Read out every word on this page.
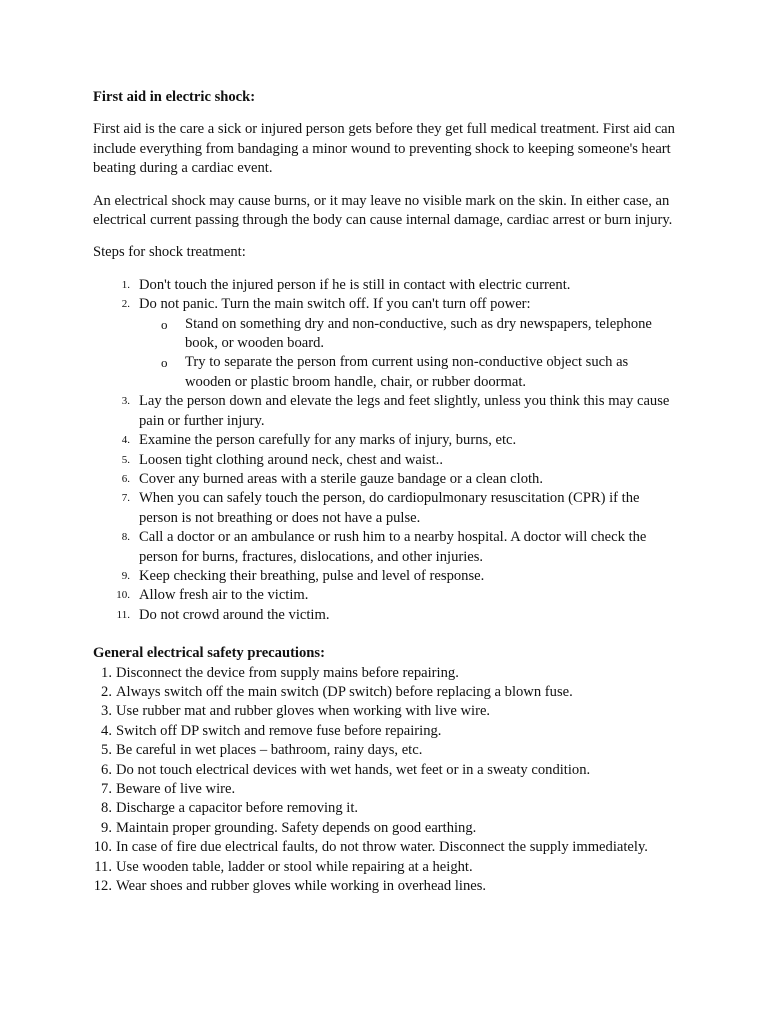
First aid in electric shock:

First aid is the care a sick or injured person gets before they get full medical treatment. First aid can include everything from bandaging a minor wound to preventing shock to keeping someone's heart beating during a cardiac event.

An electrical shock may cause burns, or it may leave no visible mark on the skin. In either case, an electrical current passing through the body can cause internal damage, cardiac arrest or burn injury.

Steps for shock treatment:

1. Don't touch the injured person if he is still in contact with electric current.
2. Do not panic. Turn the main switch off. If you can't turn off power:
o Stand on something dry and non-conductive, such as dry newspapers, telephone book, or wooden board.
o Try to separate the person from current using non-conductive object such as wooden or plastic broom handle, chair, or rubber doormat.
3. Lay the person down and elevate the legs and feet slightly, unless you think this may cause pain or further injury.
4. Examine the person carefully for any marks of injury, burns, etc.
5. Loosen tight clothing around neck, chest and waist..
6. Cover any burned areas with a sterile gauze bandage or a clean cloth.
7. When you can safely touch the person, do cardiopulmonary resuscitation (CPR) if the person is not breathing or does not have a pulse.
8. Call a doctor or an ambulance or rush him to a nearby hospital. A doctor will check the person for burns, fractures, dislocations, and other injuries.
9. Keep checking their breathing, pulse and level of response.
10. Allow fresh air to the victim.
11. Do not crowd around the victim.
General electrical safety precautions:
1. Disconnect the device from supply mains before repairing.
2. Always switch off the main switch (DP switch) before replacing a blown fuse.
3. Use rubber mat and rubber gloves when working with live wire.
4. Switch off DP switch and remove fuse before repairing.
5. Be careful in wet places – bathroom, rainy days, etc.
6. Do not touch electrical devices with wet hands, wet feet or in a sweaty condition.
7. Beware of live wire.
8. Discharge a capacitor before removing it.
9. Maintain proper grounding. Safety depends on good earthing.
10. In case of fire due electrical faults, do not throw water. Disconnect the supply immediately.
11. Use wooden table, ladder or stool while repairing at a height.
12. Wear shoes and rubber gloves while working in overhead lines.
